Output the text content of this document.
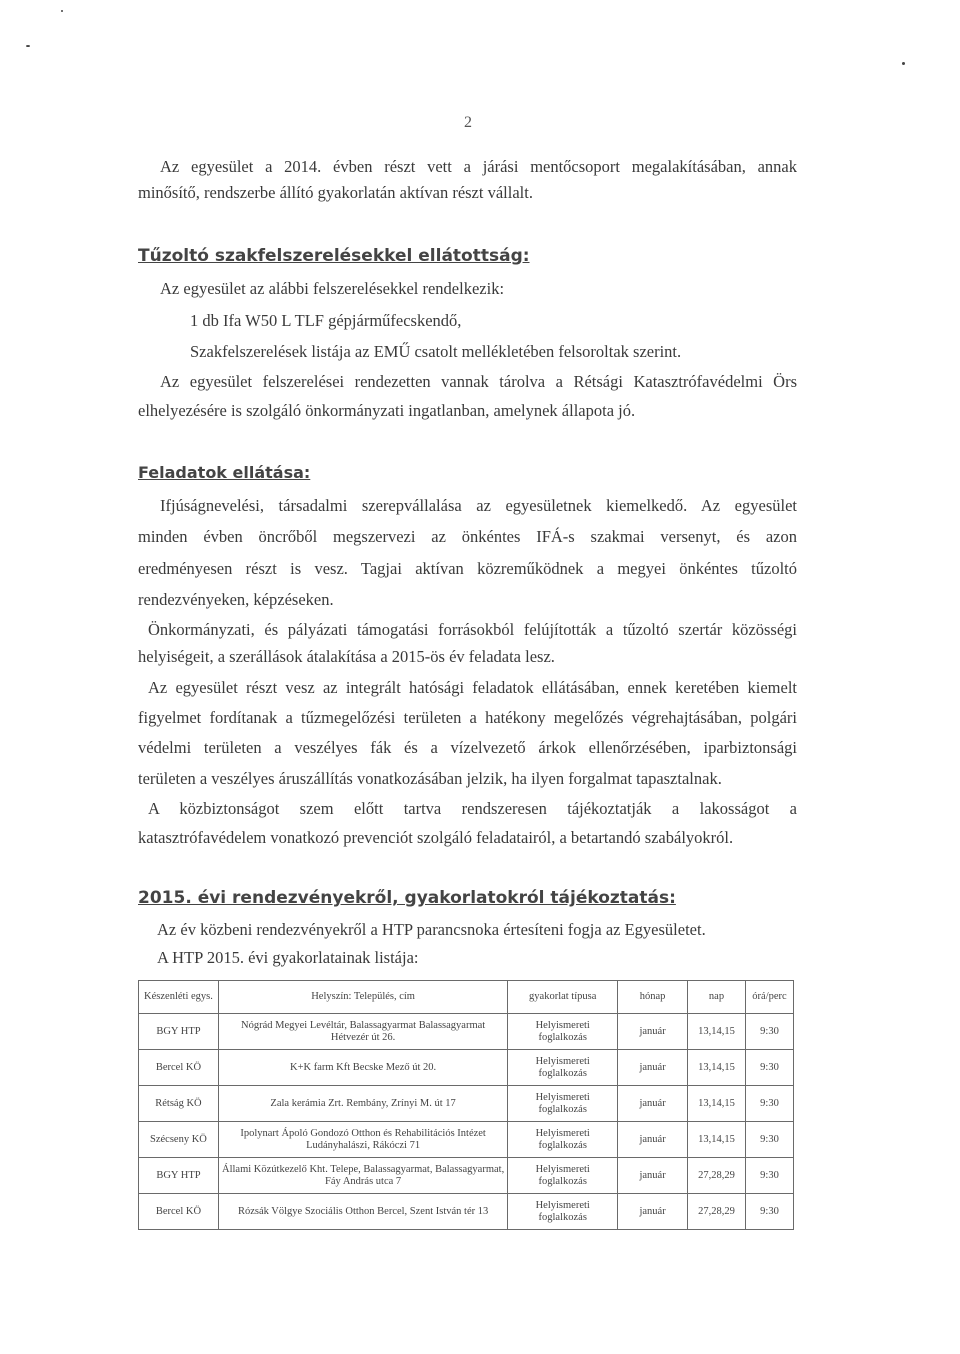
2
Az egyesület a 2014. évben részt vett a járási mentőcsoport megalakításában, annak
minősítő, rendszerbe állító gyakorlatán aktívan részt vállalt.
Tűzoltó szakfelszerelésekkel ellátottság:
Az egyesület az alábbi felszerelésekkel rendelkezik:
1 db Ifa W50 L TLF gépjárműfecskendő,
Szakfelszerelések listája az EMŰ csatolt mellékletében felsoroltak szerint.
Az egyesület felszerelései rendezetten vannak tárolva a Rétsági Katasztrófavédelmi Örs
elhelyezésére is szolgáló önkormányzati ingatlanban, amelynek állapota jó.
Feladatok ellátása:
Ifjúságnevelési, társadalmi szerepvállalása az egyesületnek kiemelkedő. Az egyesület
minden évben öncrőből megszervezi az önkéntes IFÁ-s szakmai versenyt, és azon
eredményesen részt is vesz. Tagjai aktívan közreműködnek a megyei önkéntes tűzoltó
rendezvényeken, képzéseken.
Önkormányzati, és pályázati támogatási forrásokból felújították a tűzoltó szertár közösségi
helyiségeit, a szerállások átalakítása a 2015-ös év feladata lesz.
Az egyesület részt vesz az integrált hatósági feladatok ellátásában, ennek keretében kiemelt
figyelmet fordítanak a tűzmegelőzési területen a hatékony megelőzés végrehajtásában, polgári
védelmi területen a veszélyes fák és a vízelvezető árkok ellenőrzésében, iparbiztonsági
területen a veszélyes áruszállítás vonatkozásában jelzik, ha ilyen forgalmat tapasztalnak.
A közbiztonságot szem előtt tartva rendszeresen tájékoztatják a lakosságot a
katasztrófavédelem vonatkozó prevenciót szolgáló feladatairól, a betartandó szabályokról.
2015. évi rendezvényekről, gyakorlatokról tájékoztatás:
Az év közbeni rendezvényekről a HTP parancsnoka értesíteni fogja az Egyesületet.
A HTP 2015. évi gyakorlatainak listája:
Készenléti egys.	Helyszín: Település, cím	gyakorlat típusa	hónap	nap	órá/perc
BGY HTP	Nógrád Megyei Levéltár, Balassagyarmat Balassagyarmat Hétvezér út 26.	Helyismereti foglalkozás	január	13,14,15	9:30
Bercel KÖ	K+K farm Kft Becske Mező út 20.	Helyismereti foglalkozás	január	13,14,15	9:30
Rétság KÖ	Zala kerámia Zrt. Rembány, Zrínyi M. út 17	Helyismereti foglalkozás	január	13,14,15	9:30
Szécseny KÖ	Ipolynart Ápoló Gondozó Otthon és Rehabilitációs Intézet Ludányhalászi, Rákóczi 71	Helyismereti foglalkozás	január	13,14,15	9:30
BGY HTP	Állami Közútkezelő Kht. Telepe, Balassagyarmat, Balassagyarmat, Fáy András utca 7	Helyismereti foglalkozás	január	27,28,29	9:30
Bercel KÖ	Rózsák Völgye Szociális Otthon Bercel, Szent István tér 13	Helyismereti foglalkozás	január	27,28,29	9:30
